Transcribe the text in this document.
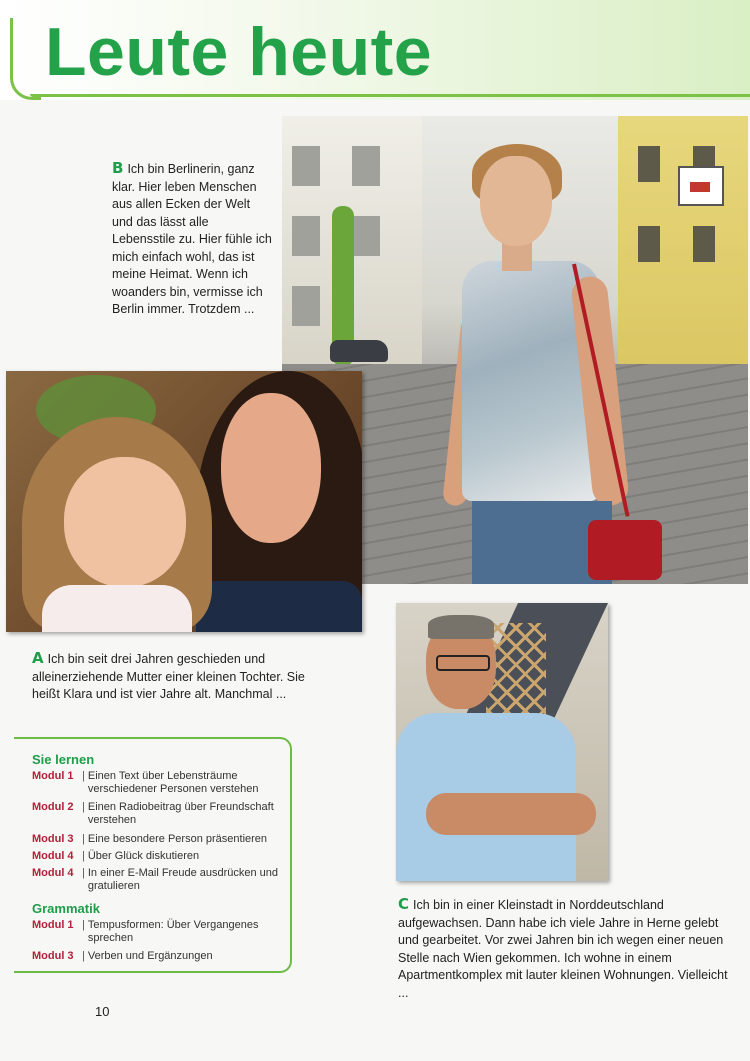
Leute heute
B Ich bin Berlinerin, ganz klar. Hier leben Menschen aus allen Ecken der Welt und das lässt alle Lebensstile zu. Hier fühle ich mich einfach wohl, das ist meine Heimat. Wenn ich woanders bin, vermisse ich Berlin immer. Trotzdem ...
A Ich bin seit drei Jahren geschieden und alleinerziehende Mutter einer kleinen Tochter. Sie heißt Klara und ist vier Jahre alt. Manchmal ...
C Ich bin in einer Kleinstadt in Norddeutschland aufgewachsen. Dann habe ich viele Jahre in Herne gelebt und gearbeitet. Vor zwei Jahren bin ich wegen einer neuen Stelle nach Wien gekommen. Ich wohne in einem Apartmentkomplex mit lauter kleinen Wohnungen. Vielleicht ...
Sie lernen
Modul 1 | Einen Text über Lebensträume verschiedener Personen verstehen
Modul 2 | Einen Radiobeitrag über Freundschaft verstehen
Modul 3 | Eine besondere Person präsentieren
Modul 4 | Über Glück diskutieren
Modul 4 | In einer E-Mail Freude ausdrücken und gratulieren
Grammatik
Modul 1 | Tempusformen: Über Vergangenes sprechen
Modul 3 | Verben und Ergänzungen
10
